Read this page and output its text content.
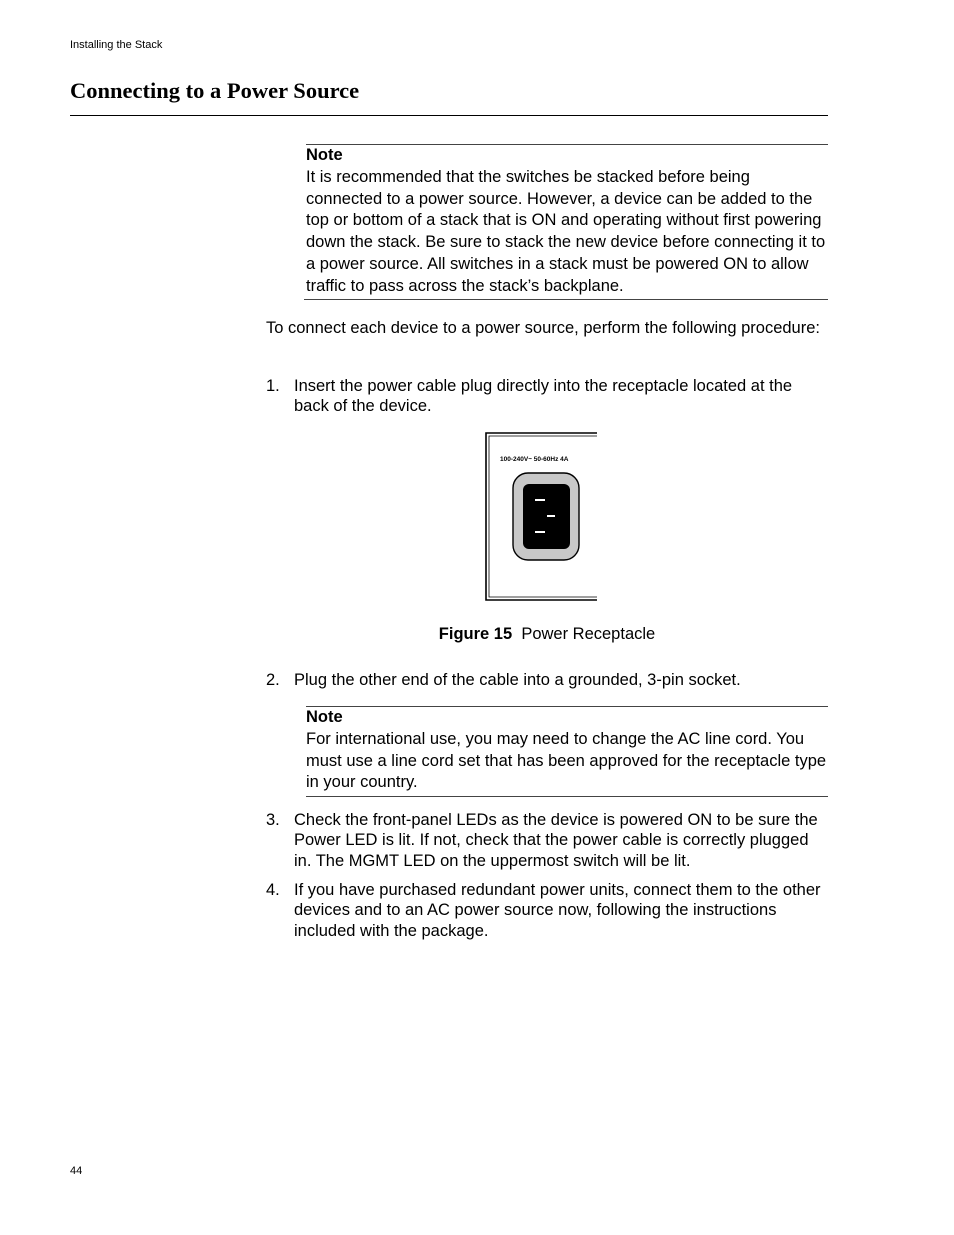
Installing the Stack
Connecting to a Power Source
Note
It is recommended that the switches be stacked before being connected to a power source. However, a device can be added to the top or bottom of a stack that is ON and operating without first powering down the stack. Be sure to stack the new device before connecting it to a power source. All switches in a stack must be powered ON to allow traffic to pass across the stack’s backplane.
To connect each device to a power source, perform the following procedure:
1. Insert the power cable plug directly into the receptacle located at the back of the device.
100-240V~ 50-60Hz 4A
Figure 15 Power Receptacle
2. Plug the other end of the cable into a grounded, 3-pin socket.
Note
For international use, you may need to change the AC line cord. You must use a line cord set that has been approved for the receptacle type in your country.
3. Check the front-panel LEDs as the device is powered ON to be sure the Power LED is lit. If not, check that the power cable is correctly plugged in. The MGMT LED on the uppermost switch will be lit.
4. If you have purchased redundant power units, connect them to the other devices and to an AC power source now, following the instructions included with the package.
44
